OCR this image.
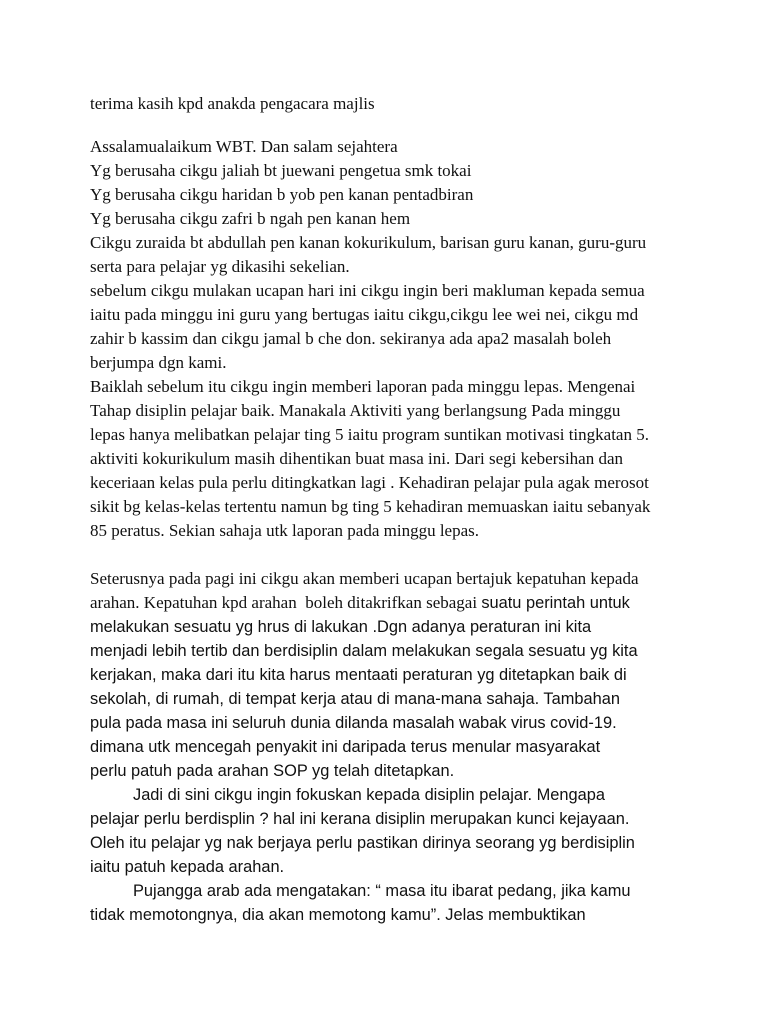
terima kasih kpd anakda pengacara majlis
Assalamualaikum WBT. Dan salam sejahtera
Yg berusaha cikgu jaliah bt juewani pengetua smk tokai
Yg berusaha cikgu haridan b yob pen kanan pentadbiran
Yg berusaha cikgu zafri b ngah pen kanan hem
Cikgu zuraida bt abdullah pen kanan kokurikulum, barisan guru kanan, guru-guru
serta para pelajar yg dikasihi sekelian.
sebelum cikgu mulakan ucapan hari ini cikgu ingin beri makluman kepada semua
iaitu pada minggu ini guru yang bertugas iaitu cikgu,cikgu lee wei nei, cikgu md
zahir b kassim dan cikgu jamal b che don. sekiranya ada apa2 masalah boleh
berjumpa dgn kami.
Baiklah sebelum itu cikgu ingin memberi laporan pada minggu lepas. Mengenai
Tahap disiplin pelajar baik. Manakala Aktiviti yang berlangsung Pada minggu
lepas hanya melibatkan pelajar ting 5 iaitu program suntikan motivasi tingkatan 5.
aktiviti kokurikulum masih dihentikan buat masa ini. Dari segi kebersihan dan
keceriaan kelas pula perlu ditingkatkan lagi . Kehadiran pelajar pula agak merosot
sikit bg kelas-kelas tertentu namun bg ting 5 kehadiran memuaskan iaitu sebanyak
85 peratus. Sekian sahaja utk laporan pada minggu lepas.
Seterusnya pada pagi ini cikgu akan memberi ucapan bertajuk kepatuhan kepada
arahan. Kepatuhan kpd arahan  boleh ditakrifkan sebagai suatu perintah untuk
melakukan sesuatu yg hrus di lakukan .Dgn adanya peraturan ini kita
menjadi lebih tertib dan berdisiplin dalam melakukan segala sesuatu yg kita
kerjakan, maka dari itu kita harus mentaati peraturan yg ditetapkan baik di
sekolah, di rumah, di tempat kerja atau di mana-mana sahaja. Tambahan
pula pada masa ini seluruh dunia dilanda masalah wabak virus covid-19.
dimana utk mencegah penyakit ini daripada terus menular masyarakat
perlu patuh pada arahan SOP yg telah ditetapkan.
Jadi di sini cikgu ingin fokuskan kepada disiplin pelajar. Mengapa
pelajar perlu berdisplin ? hal ini kerana disiplin merupakan kunci kejayaan.
Oleh itu pelajar yg nak berjaya perlu pastikan dirinya seorang yg berdisiplin
iaitu patuh kepada arahan.
Pujangga arab ada mengatakan: “ masa itu ibarat pedang, jika kamu
tidak memotongnya, dia akan memotong kamu”. Jelas membuktikan
